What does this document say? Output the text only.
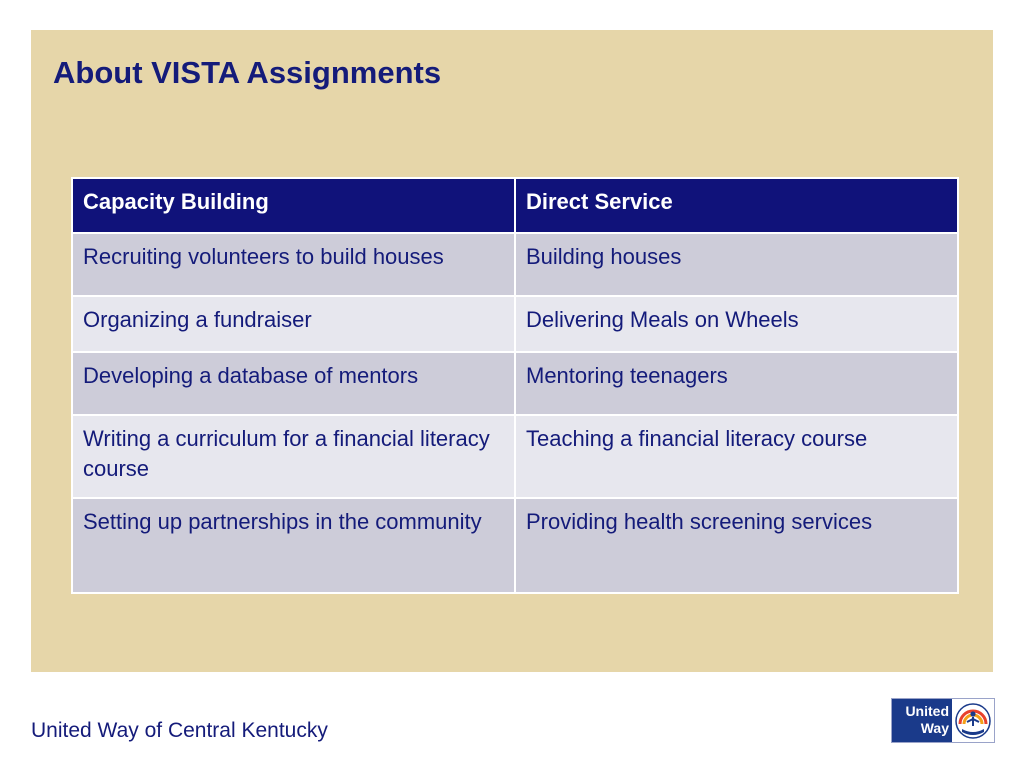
About VISTA Assignments
Capacity Building	Direct Service
Recruiting volunteers to build houses	Building houses
Organizing a fundraiser	Delivering Meals on Wheels
Developing a database of mentors	Mentoring teenagers
Writing a curriculum for a financial literacy course	Teaching a financial literacy course
Setting up partnerships in the community	Providing health screening services

United Way of Central Kentucky

United
Way
